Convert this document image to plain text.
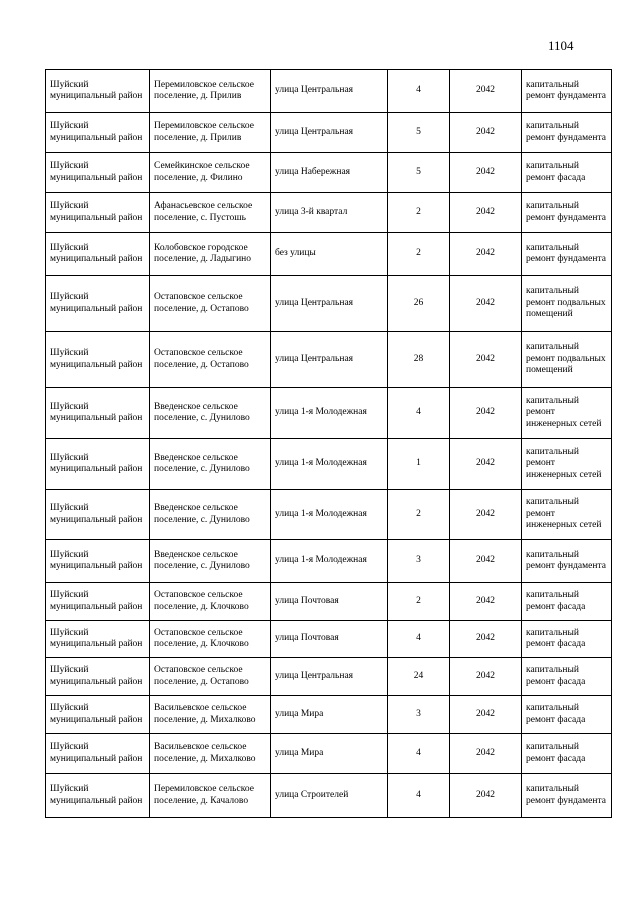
1104
Шуйский муниципальный район	Перемиловское сельское поселение, д. Прилив	улица Центральная	4	2042	капитальный ремонт фундамента
Шуйский муниципальный район	Перемиловское сельское поселение, д. Прилив	улица Центральная	5	2042	капитальный ремонт фундамента
Шуйский муниципальный район	Семейкинское сельское поселение, д. Филино	улица Набережная	5	2042	капитальный ремонт фасада
Шуйский муниципальный район	Афанасьевское сельское поселение, с. Пустошь	улица 3-й квартал	2	2042	капитальный ремонт фундамента
Шуйский муниципальный район	Колобовское городское поселение, д. Ладыгино	без улицы	2	2042	капитальный ремонт фундамента
Шуйский муниципальный район	Остаповское сельское поселение, д. Остапово	улица Центральная	26	2042	капитальный ремонт подвальных помещений
Шуйский муниципальный район	Остаповское сельское поселение, д. Остапово	улица Центральная	28	2042	капитальный ремонт подвальных помещений
Шуйский муниципальный район	Введенское сельское поселение, с. Дунилово	улица 1-я Молодежная	4	2042	капитальный ремонт инженерных сетей
Шуйский муниципальный район	Введенское сельское поселение, с. Дунилово	улица 1-я Молодежная	1	2042	капитальный ремонт инженерных сетей
Шуйский муниципальный район	Введенское сельское поселение, с. Дунилово	улица 1-я Молодежная	2	2042	капитальный ремонт инженерных сетей
Шуйский муниципальный район	Введенское сельское поселение, с. Дунилово	улица 1-я Молодежная	3	2042	капитальный ремонт фундамента
Шуйский муниципальный район	Остаповское сельское поселение, д. Клочково	улица Почтовая	2	2042	капитальный ремонт фасада
Шуйский муниципальный район	Остаповское сельское поселение, д. Клочково	улица Почтовая	4	2042	капитальный ремонт фасада
Шуйский муниципальный район	Остаповское сельское поселение, д. Остапово	улица Центральная	24	2042	капитальный ремонт фасада
Шуйский муниципальный район	Васильевское сельское поселение, д. Михалково	улица Мира	3	2042	капитальный ремонт фасада
Шуйский муниципальный район	Васильевское сельское поселение, д. Михалково	улица Мира	4	2042	капитальный ремонт фасада
Шуйский муниципальный район	Перемиловское сельское поселение, д. Качалово	улица Строителей	4	2042	капитальный ремонт фундамента
